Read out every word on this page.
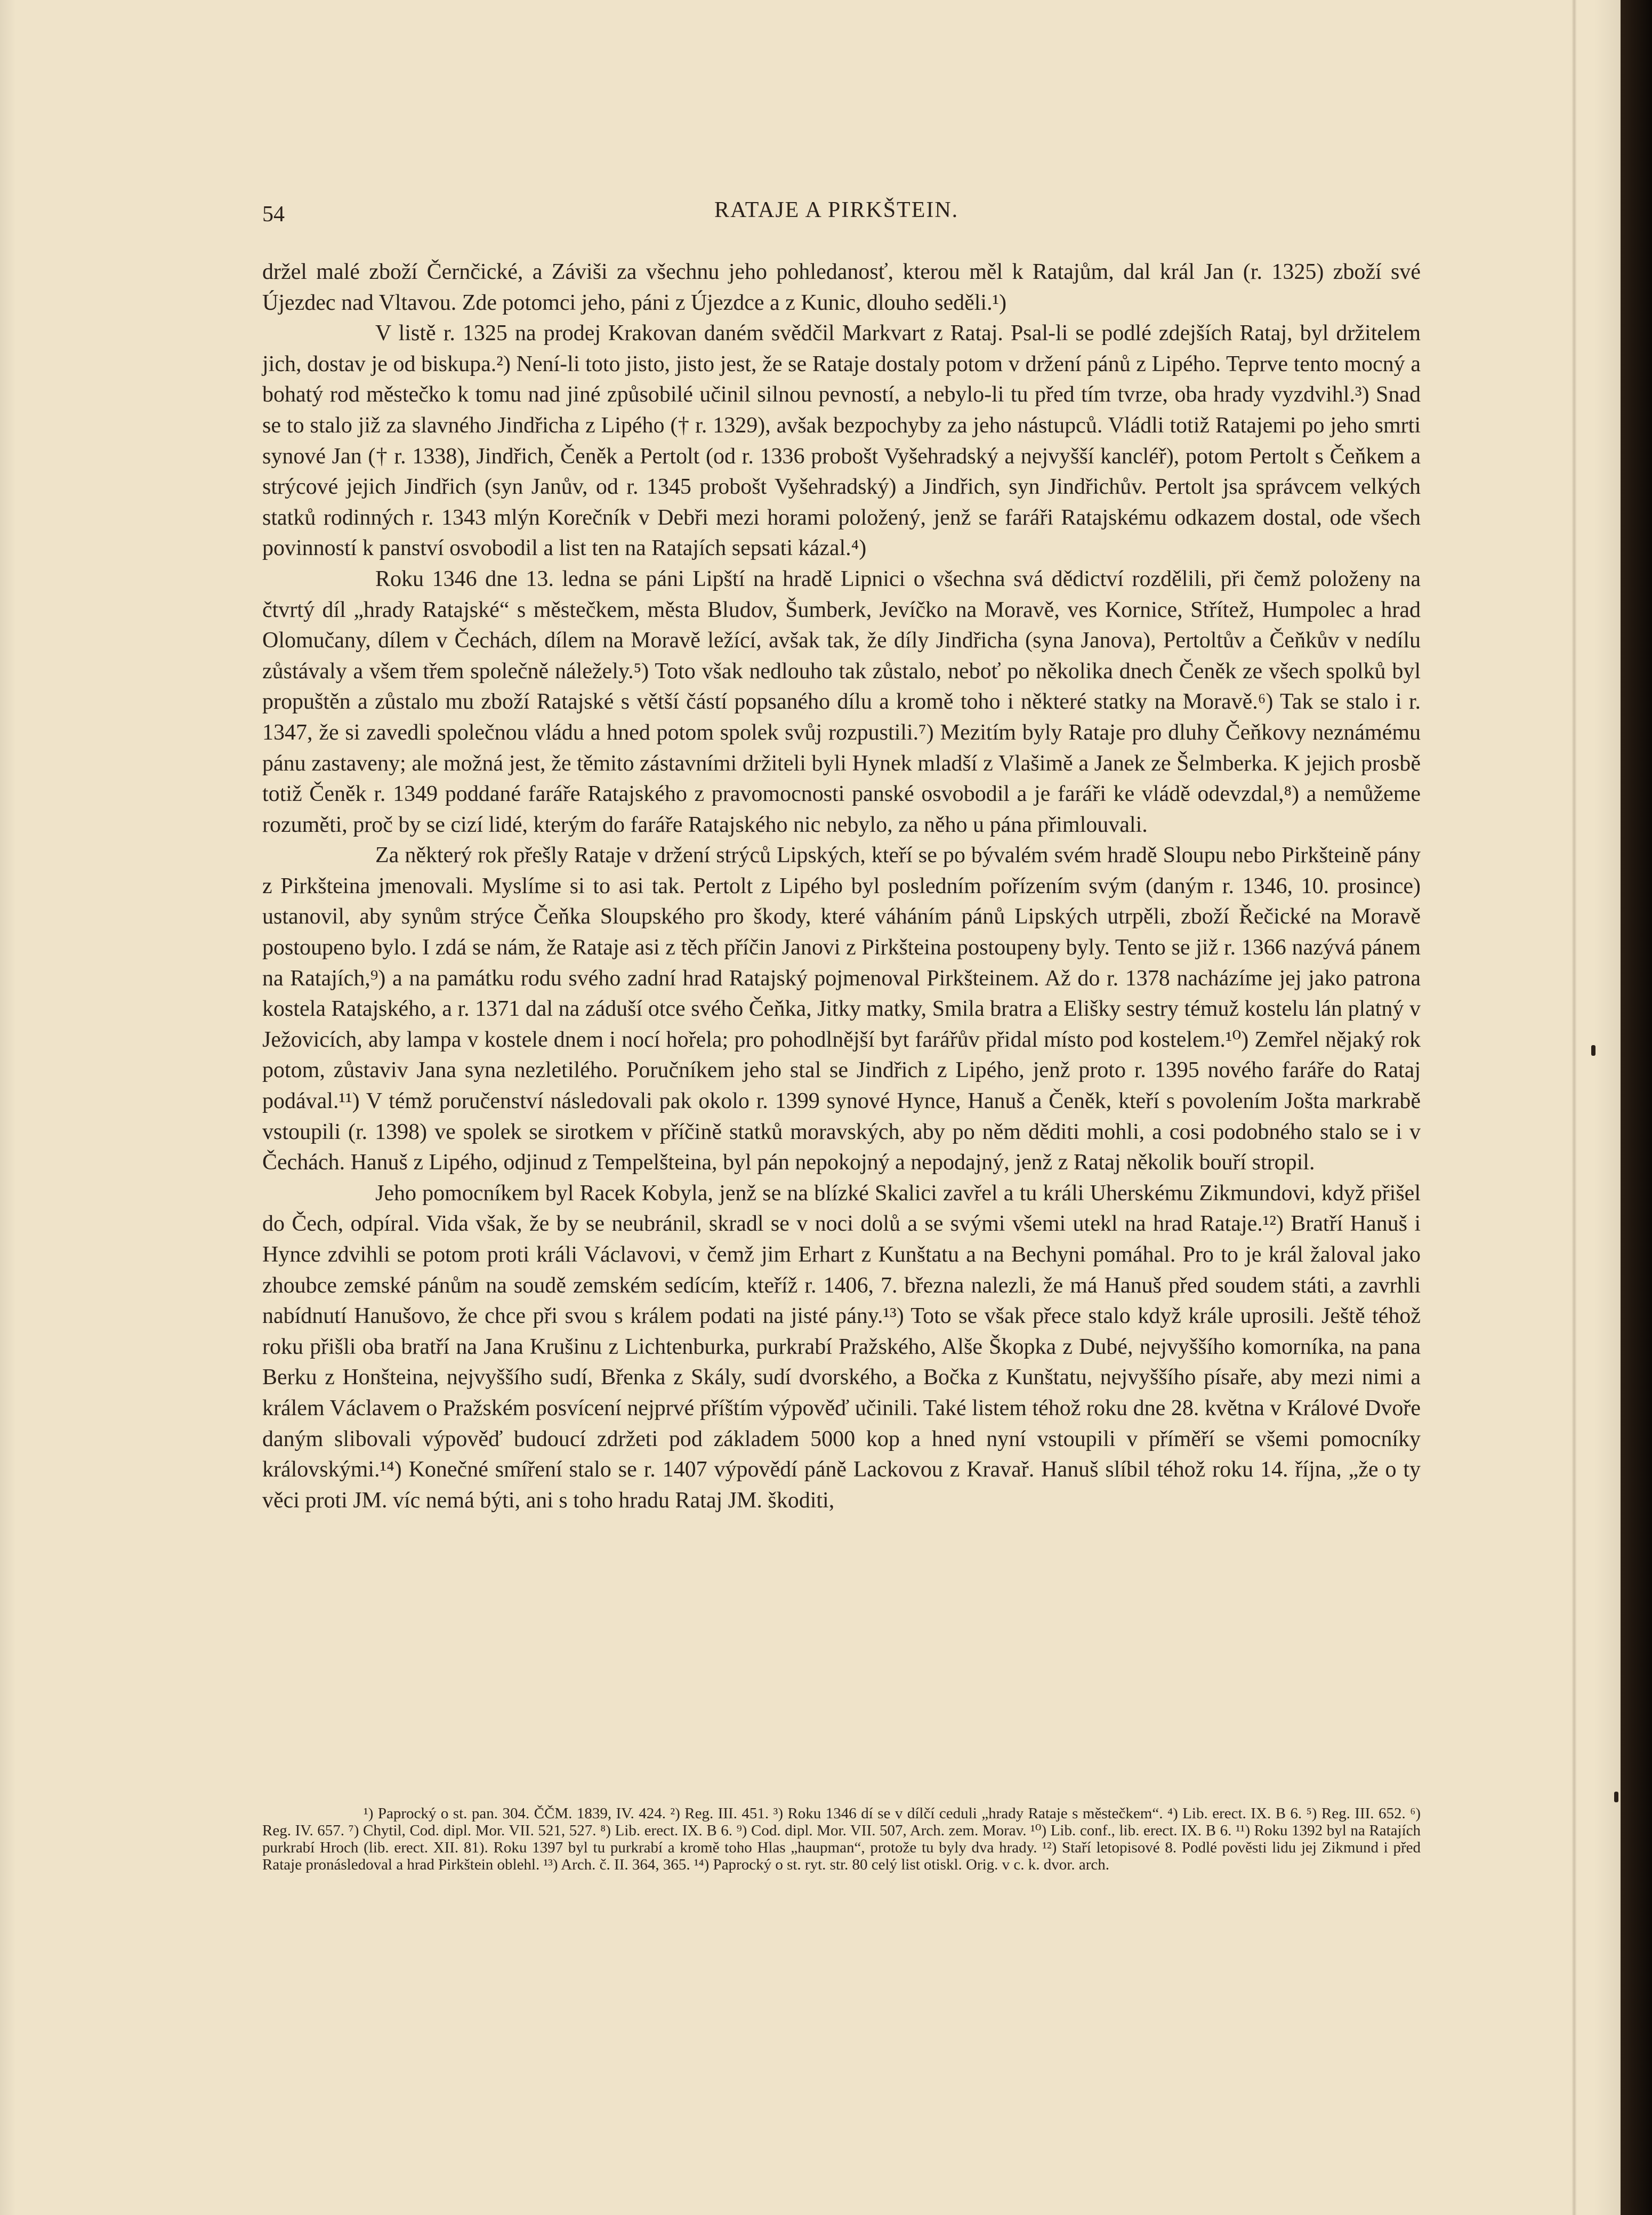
54	RATAJE A PIRKŠTEIN.

držel malé zboží Černčické, a Záviši za všechnu jeho pohledanosť, kterou měl k Ratajům, dal král Jan (r. 1325) zboží své Újezdec nad Vltavou. Zde potomci jeho, páni z Újezdce a z Kunic, dlouho seděli.¹)

V listě r. 1325 na prodej Krakovan daném svědčil Markvart z Rataj. Psal-li se podlé zdejších Rataj, byl držitelem jich, dostav je od biskupa.²) Není-li toto jisto, jisto jest, že se Rataje dostaly potom v držení pánů z Lipého. Teprve tento mocný a bohatý rod městečko k tomu nad jiné způsobilé učinil silnou pevností, a nebylo-li tu před tím tvrze, oba hrady vyzdvihl.³) Snad se to stalo již za slavného Jindřicha z Lipého († r. 1329), avšak bezpochyby za jeho nástupců. Vládli totiž Ratajemi po jeho smrti synové Jan († r. 1338), Jindřich, Čeněk a Pertolt (od r. 1336 probošt Vyšehradský a nejvyšší kancléř), potom Pertolt s Čeňkem a strýcové jejich Jindřich (syn Janův, od r. 1345 probošt Vyšehradský) a Jindřich, syn Jindřichův. Pertolt jsa správcem velkých statků rodinných r. 1343 mlýn Korečník v Debři mezi horami položený, jenž se faráři Ratajskému odkazem dostal, ode všech povinností k panství osvobodil a list ten na Ratajích sepsati kázal.⁴)

Roku 1346 dne 13. ledna se páni Lipští na hradě Lipnici o všechna svá dědictví rozdělili, při čemž položeny na čtvrtý díl „hrady Ratajské“ s městečkem, města Bludov, Šumberk, Jevíčko na Moravě, ves Kornice, Střítež, Humpolec a hrad Olomučany, dílem v Čechách, dílem na Moravě ležící, avšak tak, že díly Jindřicha (syna Janova), Pertoltův a Čeňkův v nedílu zůstávaly a všem třem společně náležely.⁵) Toto však nedlouho tak zůstalo, neboť po několika dnech Čeněk ze všech spolků byl propuštěn a zůstalo mu zboží Ratajské s větší částí popsaného dílu a kromě toho i některé statky na Moravě.⁶) Tak se stalo i r. 1347, že si zavedli společnou vládu a hned potom spolek svůj rozpustili.⁷) Mezitím byly Rataje pro dluhy Čeňkovy neznámému pánu zastaveny; ale možná jest, že těmito zástavními držiteli byli Hynek mladší z Vlašimě a Janek ze Šelmberka. K jejich prosbě totiž Čeněk r. 1349 poddané faráře Ratajského z pravomocnosti panské osvobodil a je faráři ke vládě odevzdal,⁸) a nemůžeme rozuměti, proč by se cizí lidé, kterým do faráře Ratajského nic nebylo, za něho u pána přimlouvali.

Za některý rok přešly Rataje v držení strýců Lipských, kteří se po bývalém svém hradě Sloupu nebo Pirkšteině pány z Pirkšteina jmenovali. Myslíme si to asi tak. Pertolt z Lipého byl posledním pořízením svým (daným r. 1346, 10. prosince) ustanovil, aby synům strýce Čeňka Sloupského pro škody, které váháním pánů Lipských utrpěli, zboží Řečické na Moravě postoupeno bylo. I zdá se nám, že Rataje asi z těch příčin Janovi z Pirkšteina postoupeny byly. Tento se již r. 1366 nazývá pánem na Ratajích,⁹) a na památku rodu svého zadní hrad Ratajský pojmenoval Pirkšteinem. Až do r. 1378 nacházíme jej jako patrona kostela Ratajského, a r. 1371 dal na záduší otce svého Čeňka, Jitky matky, Smila bratra a Elišky sestry témuž kostelu lán platný v Ježovicích, aby lampa v kostele dnem i nocí hořela; pro pohodlnější byt farářův přidal místo pod kostelem.¹⁰) Zemřel nějaký rok potom, zůstaviv Jana syna nezletilého. Poručníkem jeho stal se Jindřich z Lipého, jenž proto r. 1395 nového faráře do Rataj podával.¹¹) V témž poručenství následovali pak okolo r. 1399 synové Hynce, Hanuš a Čeněk, kteří s povolením Jošta markrabě vstoupili (r. 1398) ve spolek se sirotkem v příčině statků moravských, aby po něm děditi mohli, a cosi podobného stalo se i v Čechách. Hanuš z Lipého, odjinud z Tempelšteina, byl pán nepokojný a nepodajný, jenž z Rataj několik bouří stropil.

Jeho pomocníkem byl Racek Kobyla, jenž se na blízké Skalici zavřel a tu králi Uherskému Zikmundovi, když přišel do Čech, odpíral. Vida však, že by se neubránil, skradl se v noci dolů a se svými všemi utekl na hrad Rataje.¹²) Bratří Hanuš i Hynce zdvihli se potom proti králi Václavovi, v čemž jim Erhart z Kunštatu a na Bechyni pomáhal. Pro to je král žaloval jako zhoubce zemské pánům na soudě zemském sedícím, kteříž r. 1406, 7. března nalezli, že má Hanuš před soudem státi, a zavrhli nabídnutí Hanušovo, že chce při svou s králem podati na jisté pány.¹³) Toto se však přece stalo když krále uprosili. Ještě téhož roku přišli oba bratří na Jana Krušinu z Lichtenburka, purkrabí Pražského, Alše Škopka z Dubé, nejvyššího komorníka, na pana Berku z Honšteina, nejvyššího sudí, Břenka z Skály, sudí dvorského, a Bočka z Kunštatu, nejvyššího písaře, aby mezi nimi a králem Václavem o Pražském posvícení nejprvé příštím výpověď učinili. Také listem téhož roku dne 28. května v Králové Dvoře daným slibovali výpověď budoucí zdržeti pod základem 5000 kop a hned nyní vstoupili v příměří se všemi pomocníky královskými.¹⁴) Konečné smíření stalo se r. 1407 výpovědí páně Lackovou z Kravař. Hanuš slíbil téhož roku 14. října, „že o ty věci proti JM. víc nemá býti, ani s toho hradu Rataj JM. škoditi,

¹) Paprocký o st. pan. 304. ČČM. 1839, IV. 424. ²) Reg. III. 451. ³) Roku 1346 dí se v dílčí ceduli „hrady Rataje s městečkem“. ⁴) Lib. erect. IX. B 6. ⁵) Reg. III. 652. ⁶) Reg. IV. 657. ⁷) Chytil, Cod. dipl. Mor. VII. 521, 527. ⁸) Lib. erect. IX. B 6. ⁹) Cod. dipl. Mor. VII. 507, Arch. zem. Morav. ¹⁰) Lib. conf., lib. erect. IX. B 6. ¹¹) Roku 1392 byl na Ratajích purkrabí Hroch (lib. erect. XII. 81). Roku 1397 byl tu purkrabí a kromě toho Hlas „haupman“, protože tu byly dva hrady. ¹²) Staří letopisové 8. Podlé pověsti lidu jej Zikmund i před Rataje pronásledoval a hrad Pirkštein oblehl. ¹³) Arch. č. II. 364, 365. ¹⁴) Paprocký o st. ryt. str. 80 celý list otiskl. Orig. v c. k. dvor. arch.
